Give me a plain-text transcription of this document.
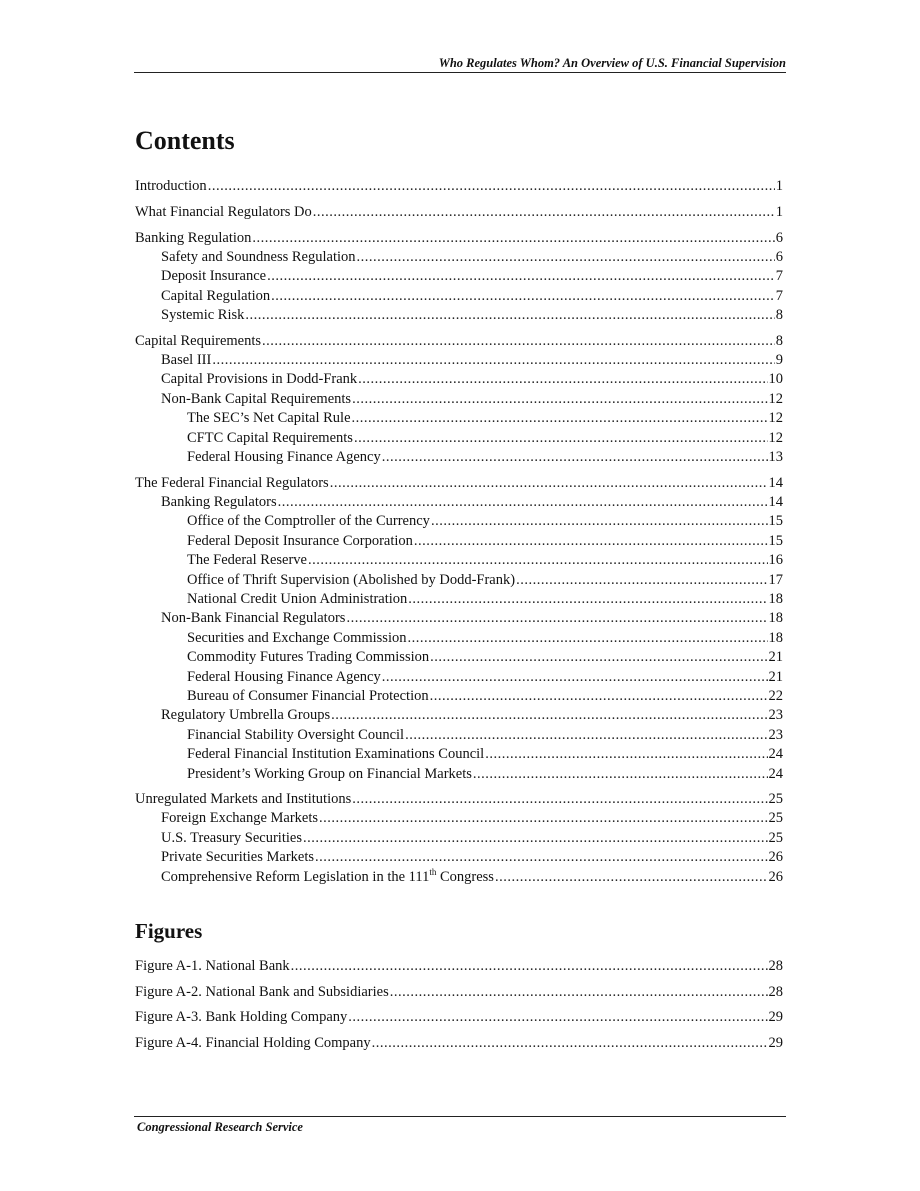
Who Regulates Whom? An Overview of U.S. Financial Supervision
Contents
Introduction .....	1
What Financial Regulators Do .....	1
Banking Regulation .....	6
Safety and Soundness Regulation .....	6
Deposit Insurance .....	7
Capital Regulation .....	7
Systemic Risk .....	8
Capital Requirements .....	8
Basel III .....	9
Capital Provisions in Dodd-Frank .....	10
Non-Bank Capital Requirements .....	12
The SEC’s Net Capital Rule .....	12
CFTC Capital Requirements .....	12
Federal Housing Finance Agency .....	13
The Federal Financial Regulators .....	14
Banking Regulators .....	14
Office of the Comptroller of the Currency .....	15
Federal Deposit Insurance Corporation .....	15
The Federal Reserve .....	16
Office of Thrift Supervision (Abolished by Dodd-Frank) .....	17
National Credit Union Administration .....	18
Non-Bank Financial Regulators .....	18
Securities and Exchange Commission .....	18
Commodity Futures Trading Commission .....	21
Federal Housing Finance Agency .....	21
Bureau of Consumer Financial Protection .....	22
Regulatory Umbrella Groups .....	23
Financial Stability Oversight Council .....	23
Federal Financial Institution Examinations Council .....	24
President’s Working Group on Financial Markets .....	24
Unregulated Markets and Institutions .....	25
Foreign Exchange Markets .....	25
U.S. Treasury Securities .....	25
Private Securities Markets .....	26
Comprehensive Reform Legislation in the 111th Congress .....	26
Figures
Figure A-1. National Bank .....	28
Figure A-2. National Bank and Subsidiaries .....	28
Figure A-3. Bank Holding Company .....	29
Figure A-4. Financial Holding Company .....	29
Congressional Research Service
